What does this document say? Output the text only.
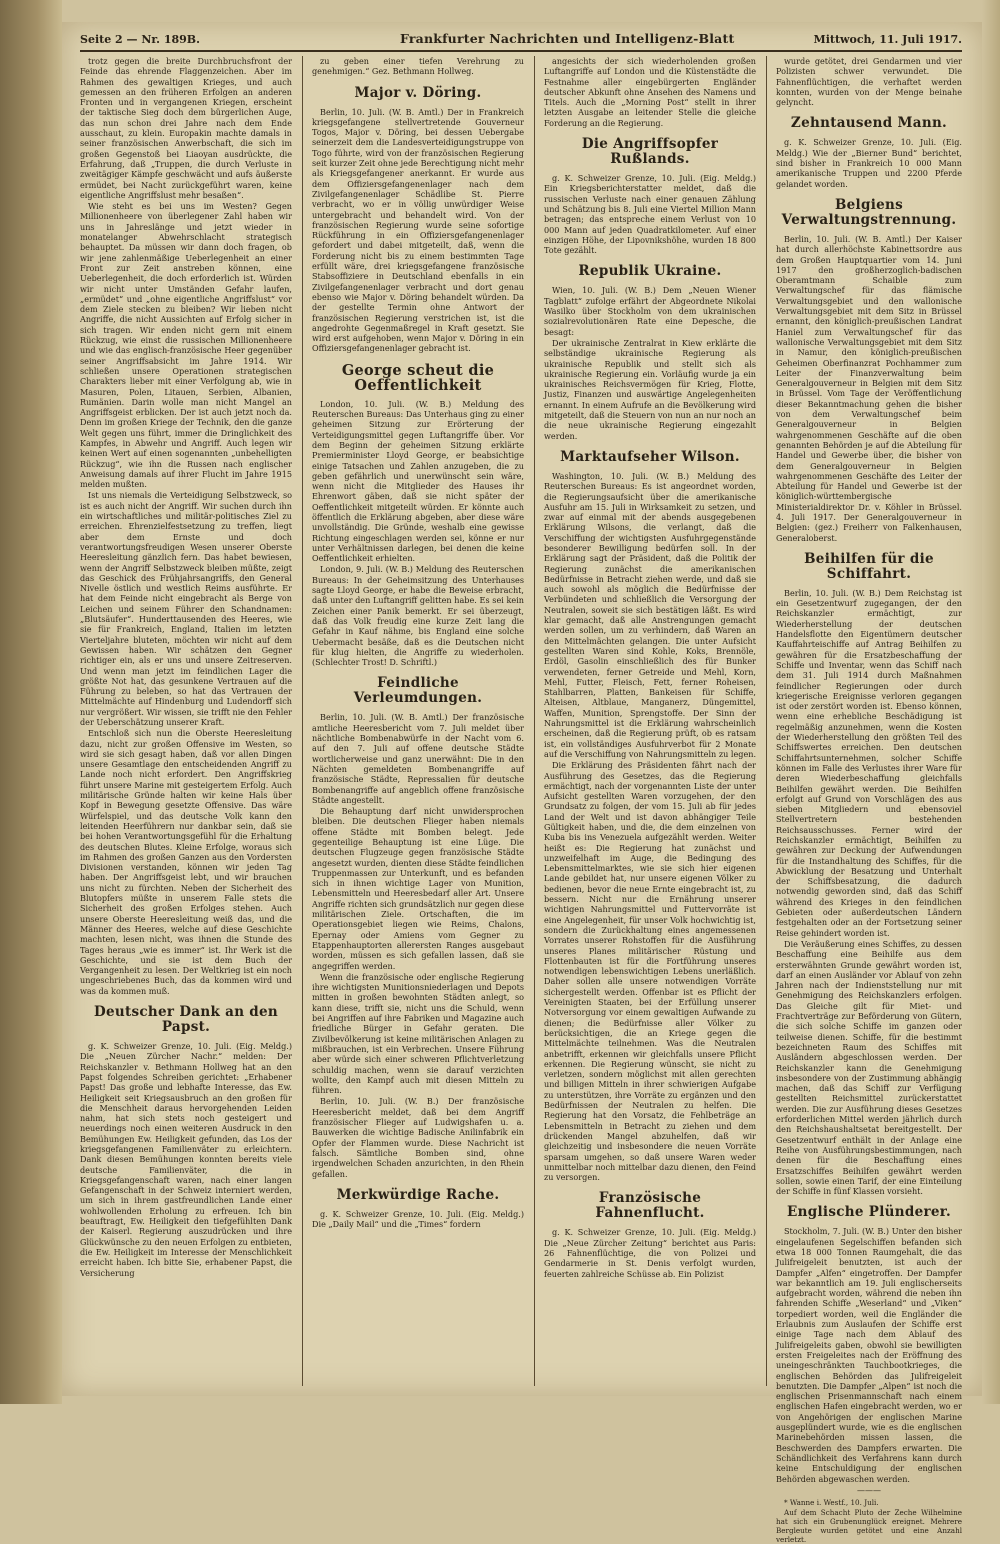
Seite 2 — Nr. 189B.	Frankfurter Nachrichten und Intelligenz-Blatt	Mittwoch, 11. Juli 1917.

trotz gegen die breite Durchbruchsfront der Feinde das ehrende Flaggenzeichen. Aber im Rahmen des gewaltigen Krieges, und auch gemessen an den früheren Erfolgen an anderen Fronten und in vergangenen Kriegen, erscheint der taktische Sieg doch dem bürgerlichen Auge, das nun schon drei Jahre nach dem Ende ausschaut, zu klein. Europakin machte damals in seiner französischen Anwerbschaft, die sich im großen Gegenstoß bei Liaoyan ausdrückte, die Erfahrung, daß „Truppen, die durch Verluste in zweitägiger Kämpfe geschwächt und aufs äußerste ermüdet, bei Nacht zurückgeführt waren, keine eigentliche Angriffslust mehr besaßen“.

Wie steht es bei uns im Westen? Gegen Millionenheere von überlegener Zahl haben wir uns in Jahreslänge und jetzt wieder in monatelanger Abwehrschlacht strategisch behauptet. Da müssen wir dann doch fragen, ob wir jene zahlenmäßige Ueberlegenheit an einer Front zur Zeit anstreben können, eine Ueberlegenheit, die doch erforderlich ist. Würden wir nicht unter Umständen Gefahr laufen, „ermüdet“ und „ohne eigentliche Angriffslust“ vor dem Ziele stecken zu bleiben? Wir lieben nicht Angriffe, die nicht Aussichten auf Erfolg sicher in sich tragen. Wir enden nicht gern mit einem Rückzug, wie einst die russischen Millionenheere und wie das englisch-französische Heer gegenüber seiner Angriffsabsicht im Jahre 1914. Wir schließen unsere Operationen strategischen Charakters lieber mit einer Verfolgung ab, wie in Masuren, Polen, Litauen, Serbien, Albanien, Rumänien. Darin wolle man nicht Mangel an Angriffsgeist erblicken. Der ist auch jetzt noch da. Denn im großen Kriege der Technik, den die ganze Welt gegen uns führt, immer die Dringlichkeit des Kampfes, in Abwehr und Angriff. Auch legen wir keinen Wert auf einen sogenannten „unbehelligten Rückzug“, wie ihn die Russen nach englischer Anweisung damals auf ihrer Flucht im Jahre 1915 melden mußten.

Ist uns niemals die Verteidigung Selbstzweck, so ist es auch nicht der Angriff. Wir suchen durch ihn ein wirtschaftliches und militär-politisches Ziel zu erreichen. Ehrenzielfestsetzung zu treffen, liegt aber dem Ernste und doch verantwortungsfreudigen Wesen unserer Oberste Heeresleitung gänzlich fern. Das habet bewiesen, wenn der Angriff Selbstzweck bleiben müßte, zeigt das Geschick des Frühjahrsangriffs, den General Nivelle östlich und westlich Reims ausführte. Er hat dem Feinde nicht eingebracht als Berge von Leichen und seinem Führer den Schandnamen: „Blutsäufer“. Hunderttausenden des Heeres, wie sie für Frankreich, England, Italien im letzten Vierteljahre bluteten, möchten wir nicht auf dem Gewissen haben. Wir schätzen den Gegner richtiger ein, als er uns und unsere Zeitreserven. Und wenn man jetzt im feindlichen Lager die größte Not hat, das gesunkene Vertrauen auf die Führung zu beleben, so hat das Vertrauen der Mittelmächte auf Hindenburg und Ludendorff sich nur vergrößert. Wir wissen, sie trifft nie den Fehler der Ueberschätzung unserer Kraft.

Entschloß sich nun die Oberste Heeresleitung dazu, nicht zur großen Offensive im Westen, so wird sie sich gesagt haben, daß vor allen Dingen unsere Gesamtlage den entscheidenden Angriff zu Lande noch nicht erfordert. Den Angriffskrieg führt unsere Marine mit gesteigertem Erfolg. Auch militärische Gründe halten wir keine Hals über Kopf in Bewegung gesetzte Offensive. Das wäre Würfelspiel, und das deutsche Volk kann den leitenden Heerführern nur dankbar sein, daß sie bei hohen Verantwortungsgefühl für die Erhaltung des deutschen Blutes. Kleine Erfolge, woraus sich im Rahmen des großen Ganzen aus den Vordersten Divisionen verstanden, können wir jeden Tag haben. Der Angriffsgeist lebt, und wir brauchen uns nicht zu fürchten. Neben der Sicherheit des Blutopfers müßte in unserem Falle stets die Sicherheit des großen Erfolges stehen. Auch unsere Oberste Heeresleitung weiß das, und die Männer des Heeres, welche auf diese Geschichte machten, lesen nicht, was ihnen die Stunde des Tages heraus „wie es immer“ ist. Ihr Werk ist die Geschichte, und sie ist dem Buch der Vergangenheit zu lesen. Der Weltkrieg ist ein noch ungeschriebenes Buch, das da kommen wird und was da kommen muß.

Deutscher Dank an den Papst.

g. K. Schweizer Grenze, 10. Juli. (Eig. Meldg.) Die „Neuen Zürcher Nachr.“ melden: Der Reichskanzler v. Bethmann Hollweg hat an den Papst folgendes Schreiben gerichtet: „Erhabener Papst! Das große und lebhafte Interesse, das Ew. Heiligkeit seit Kriegsausbruch an den großen für die Menschheit daraus hervorgehenden Leiden nahm, hat sich stets noch gesteigert und neuerdings noch einen weiteren Ausdruck in den Bemühungen Ew. Heiligkeit gefunden, das Los der kriegsgefangenen Familienväter zu erleichtern. Dank diesen Bemühungen konnten bereits viele deutsche Familienväter, die in Kriegsgefangenschaft waren, nach einer langen Gefangenschaft in der Schweiz interniert werden, um sich in ihrem gastfreundlichen Lande einer wohlwollenden Erholung zu erfreuen. Ich bin beauftragt, Ew. Heiligkeit den tiefgefühlten Dank der Kaiserl. Regierung auszudrücken und ihre Glückwünsche zu den neuen Erfolgen zu entbieten, die Ew. Heiligkeit im Interesse der Menschlichkeit erreicht haben. Ich bitte Sie, erhabener Papst, die Versicherung

zu geben einer tiefen Verehrung zu genehmigen.“ Gez. Bethmann Hollweg.

Major v. Döring.

Berlin, 10. Juli. (W. B. Amtl.) Der in Frankreich kriegsgefangene stellvertretende Gouverneur Togos, Major v. Döring, bei dessen Uebergabe seinerzeit dem die Landesverteidigungstruppe von Togo führte, wird von der französischen Regierung seit kurzer Zeit ohne jede Berechtigung nicht mehr als Kriegsgefangener anerkannt. Er wurde aus dem Offiziersgefangenenlager nach dem Zivilgefangenenlager Schädlibe St. Pierre verbracht, wo er in völlig unwürdiger Weise untergebracht und behandelt wird. Von der französischen Regierung wurde seine sofortige Rückführung in ein Offiziersgefangenenlager gefordert und dabei mitgeteilt, daß, wenn die Forderung nicht bis zu einem bestimmten Tage erfüllt wäre, drei kriegsgefangene französische Stabsoffiziere in Deutschland ebenfalls in ein Zivilgefangenenlager verbracht und dort genau ebenso wie Major v. Döring behandelt würden. Da der gestellte Termin ohne Antwort der französischen Regierung verstrichen ist, ist die angedrohte Gegenmaßregel in Kraft gesetzt. Sie wird erst aufgehoben, wenn Major v. Döring in ein Offiziersgefangenenlager gebracht ist.

George scheut die Oeffentlichkeit

London, 10. Juli. (W. B.) Meldung des Reuterschen Bureaus: Das Unterhaus ging zu einer geheimen Sitzung zur Erörterung der Verteidigungsmittel gegen Luftangriffe über. Vor dem Beginn der geheimen Sitzung erklärte Premierminister Lloyd George, er beabsichtige einige Tatsachen und Zahlen anzugeben, die zu geben gefährlich und unerwünscht sein wäre, wenn nicht die Mitglieder des Hauses ihr Ehrenwort gäben, daß sie nicht später der Oeffentlichkeit mitgeteilt würden. Er könnte auch öffentlich die Erklärung abgeben, aber diese wäre unvollständig. Die Gründe, weshalb eine gewisse Richtung eingeschlagen werden sei, könne er nur unter Verhältnissen darlegen, bei denen die keine Oeffentlichkeit erhielten.

London, 9. Juli. (W. B.) Meldung des Reuterschen Bureaus: In der Geheimsitzung des Unterhauses sagte Lloyd George, er habe die Beweise erbracht, daß unter den Luftangriff gelitten habe. Es sei kein Zeichen einer Panik bemerkt. Er sei überzeugt, daß das Volk freudig eine kurze Zeit lang die Gefahr in Kauf nähme, bis England eine solche Uebermacht besäße, daß es die Deutschen nicht für klug hielten, die Angriffe zu wiederholen. (Schlechter Trost! D. Schriftl.)

Feindliche Verleumdungen.

Berlin, 10. Juli. (W. B. Amtl.) Der französische amtliche Heeresbericht vom 7. Juli meldet über nächtliche Bombenabwürfe in der Nacht vom 6. auf den 7. Juli auf offene deutsche Städte wortlicherweise und ganz unerwähnt: Die in den Nächten gemeldeten Bombenangriffe auf französische Städte, Repressalien für deutsche Bombenangriffe auf angeblich offene französische Städte angestellt.

Die Behauptung darf nicht unwidersprochen bleiben. Die deutschen Flieger haben niemals offene Städte mit Bomben belegt. Jede gegenteilige Behauptung ist eine Lüge. Die deutschen Flugzeuge gegen französische Städte angesetzt wurden, dienten diese Städte feindlichen Truppenmassen zur Unterkunft, und es befanden sich in ihnen wichtige Lager von Munition, Lebensmitteln und Heeresbedarf aller Art. Unsere Angriffe richten sich grundsätzlich nur gegen diese militärischen Ziele. Ortschaften, die im Operationsgebiet liegen wie Reims, Chalons, Epernay oder Amiens vom Gegner zu Etappenhauptorten allerersten Ranges ausgebaut worden, müssen es sich gefallen lassen, daß sie angegriffen werden.

Wenn die französische oder englische Regierung ihre wichtigsten Munitionsniederlagen und Depots mitten in großen bewohnten Städten anlegt, so kann diese, trifft sie, nicht uns die Schuld, wenn bei Angriffen auf ihre Fabriken und Magazine auch friedliche Bürger in Gefahr geraten. Die Zivilbevölkerung ist keine militärischen Anlagen zu mißbrauchen, ist ein Verbrechen. Unsere Führung aber würde sich einer schweren Pflichtverletzung schuldig machen, wenn sie darauf verzichten wollte, den Kampf auch mit diesen Mitteln zu führen.

Berlin, 10. Juli. (W. B.) Der französische Heeresbericht meldet, daß bei dem Angriff französischer Flieger auf Ludwigshafen u. a. Bauwerken die wichtige Badische Anilinfabrik ein Opfer der Flammen wurde. Diese Nachricht ist falsch. Sämtliche Bomben sind, ohne irgendwelchen Schaden anzurichten, in den Rhein gefallen.

Merkwürdige Rache.

g. K. Schweizer Grenze, 10. Juli. (Eig. Meldg.) Die „Daily Mail“ und die „Times“ fordern

angesichts der sich wiederholenden großen Luftangriffe auf London und die Küstenstädte die Festnahme aller eingebürgerten Engländer deutscher Abkunft ohne Ansehen des Namens und Titels. Auch die „Morning Post“ stellt in ihrer letzten Ausgabe an leitender Stelle die gleiche Forderung an die Regierung.

Die Angriffsopfer Rußlands.

g. K. Schweizer Grenze, 10. Juli. (Eig. Meldg.) Ein Kriegsberichterstatter meldet, daß die russischen Verluste nach einer genauen Zählung und Schätzung bis 8. Juli eine Viertel Million Mann betragen; das entspreche einem Verlust von 10 000 Mann auf jeden Quadratkilometer. Auf einer einzigen Höhe, der Lipovnikshöhe, wurden 18 800 Tote gezählt.

Republik Ukraine.

Wien, 10. Juli. (W. B.) Dem „Neuen Wiener Tagblatt“ zufolge erfährt der Abgeordnete Nikolai Wasilko über Stockholm von dem ukrainischen sozialrevolutionären Rate eine Depesche, die besagt:

Der ukrainische Zentralrat in Kiew erklärte die selbständige ukrainische Regierung als ukrainische Republik und stellt sich als ukrainische Regierung ein. Vorläufig wurde ja ein ukrainisches Reichsvermögen für Krieg, Flotte, Justiz, Finanzen und auswärtige Angelegenheiten ernannt. In einem Aufrufe an die Bevölkerung wird mitgeteilt, daß die Steuern von nun an nur noch an die neue ukrainische Regierung eingezahlt werden.

Marktaufseher Wilson.

Washington, 10. Juli. (W. B.) Meldung des Reuterschen Bureaus: Es ist angeordnet worden, die Regierungsaufsicht über die amerikanische Ausfuhr am 15. Juli in Wirksamkeit zu setzen, und zwar auf einmal mit der abends ausgegebenen Erklärung Wilsons, die verlangt, daß die Verschiffung der wichtigsten Ausfuhrgegenstände besonderer Bewilligung bedürfen soll. In der Erklärung sagt der Präsident, daß die Politik der Regierung zunächst die amerikanischen Bedürfnisse in Betracht ziehen werde, und daß sie auch sowohl als möglich die Bedürfnisse der Verbündeten und schließlich die Versorgung der Neutralen, soweit sie sich bestätigen läßt. Es wird klar gemacht, daß alle Anstrengungen gemacht werden sollen, um zu verhindern, daß Waren an den Mittelmächten gelangen. Die unter Aufsicht gestellten Waren sind Kohle, Koks, Brennöle, Erdöl, Gasolin einschließlich des für Bunker verwendeten, ferner Getreide und Mehl, Korn, Mehl, Futter, Fleisch, Fett, ferner Roheisen, Stahlbarren, Platten, Bankeisen für Schiffe, Alteisen, Altblaue, Manganerz, Düngemittel, Waffen, Munition, Sprengstoffe. Der Sinn der Nahrungsmittel ist die Erklärung wahrscheinlich erscheinen, daß die Regierung prüft, ob es ratsam ist, ein vollständiges Ausfuhrverbot für 2 Monate auf die Verschiffung von Nahrungsmitteln zu legen.

Die Erklärung des Präsidenten fährt nach der Ausführung des Gesetzes, das die Regierung ermächtigt, nach der vorgenannten Liste der unter Aufsicht gestellten Waren vorzugehen, der den Grundsatz zu folgen, der vom 15. Juli ab für jedes Land der Welt und ist davon abhängiger Teile Gültigkeit haben, und die, die dem einzelnen von Kuba bis ins Venezuela aufgezählt werden. Weiter heißt es: Die Regierung hat zunächst und unzweifelhaft im Auge, die Bedingung des Lebensmittelmarktes, wie sie sich hier eigenen Lande gebildet hat, nur unsere eigenen Völker zu bedienen, bevor die neue Ernte eingebracht ist, zu bessern. Nicht nur die Ernährung unserer wichtigen Nahrungsmittel und Futtervorräte ist eine Angelegenheit, für unser Volk hochwichtig ist, sondern die Zurückhaltung eines angemessenen Vorrates unserer Rohstoffen für die Ausführung unseres Planes militärischer Rüstung und Flottenbauten ist für die Fortführung unseres notwendigen lebenswichtigen Lebens unerläßlich. Daher sollen alle unsere notwendigen Vorräte sichergestellt werden. Offenbar ist es Pflicht der Vereinigten Staaten, bei der Erfüllung unserer Notversorgung vor einem gewaltigen Aufwande zu dienen; die Bedürfnisse aller Völker zu berücksichtigen, die an Kriege gegen die Mittelmächte teilnehmen. Was die Neutralen anbetrifft, erkennen wir gleichfalls unsere Pflicht erkennen. Die Regierung wünscht, sie nicht zu verletzen, sondern möglichst mit allen gerechten und billigen Mitteln in ihrer schwierigen Aufgabe zu unterstützen, ihre Vorräte zu ergänzen und den Bedürfnissen der Neutralen zu helfen. Die Regierung hat den Vorsatz, die Fehlbeträge an Lebensmitteln in Betracht zu ziehen und dem drückenden Mangel abzuhelfen, daß wir gleichzeitig und insbesondere die neuen Vorräte sparsam umgehen, so daß unsere Waren weder unmittelbar noch mittelbar dazu dienen, den Feind zu versorgen.

Französische Fahnenflucht.

g. K. Schweizer Grenze, 10. Juli. (Eig. Meldg.) Die „Neue Zürcher Zeitung“ berichtet aus Paris: 26 Fahnenflüchtige, die von Polizei und Gendarmerie in St. Denis verfolgt wurden, feuerten zahlreiche Schüsse ab. Ein Polizist

wurde getötet, drei Gendarmen und vier Polizisten schwer verwundet. Die Fahnenflüchtigen, die verhaftet werden konnten, wurden von der Menge beinahe gelyncht.

Zehntausend Mann.

g. K. Schweizer Grenze, 10. Juli. (Eig. Meldg.) Wie der „Bierner Bund“ berichtet, sind bisher in Frankreich 10 000 Mann amerikanische Truppen und 2200 Pferde gelandet worden.

Belgiens Verwaltungstrennung.

Berlin, 10. Juli. (W. B. Amtl.) Der Kaiser hat durch allerhöchste Kabinettsordre aus dem Großen Hauptquartier vom 14. Juni 1917 den großherzoglich-badischen Oberamtmann Schaible zum Verwaltungschef für das flämische Verwaltungsgebiet und den wallonische Verwaltungsgebiet mit dem Sitz in Brüssel ernannt, den königlich-preußischen Landrat Haniel zum Verwaltungschef für das wallonische Verwaltungsgebiet mit dem Sitz in Namur, den königlich-preußischen Geheimen Oberfinanzrat Pochhammer zum Leiter der Finanzverwaltung beim Generalgouverneur in Belgien mit dem Sitz in Brüssel. Vom Tage der Veröffentlichung dieser Bekanntmachung gehen die bisher von dem Verwaltungschef beim Generalgouverneur in Belgien wahrgenommenen Geschäfte auf die oben genannten Behörden je auf die Abteilung für Handel und Gewerbe über, die bisher von dem Generalgouverneur in Belgien wahrgenommenen Geschäfte des Leiter der Abteilung für Handel und Gewerbe ist der königlich-württembergische Ministerialdirektor Dr. v. Köhler in Brüssel. 4. Juli 1917. Der Generalgouverneur in Belgien: (gez.) Freiherr von Falkenhausen, Generaloberst.

Beihilfen für die Schiffahrt.

Berlin, 10. Juli. (W. B.) Dem Reichstag ist ein Gesetzentwurf zugegangen, der den Reichskanzler ermächtigt, zur Wiederherstellung der deutschen Handelsflotte den Eigentümern deutscher Kauffahrteischiffe auf Antrag Beihilfen zu gewähren für die Ersatzbeschaffung der Schiffe und Inventar, wenn das Schiff nach dem 31. Juli 1914 durch Maßnahmen feindlicher Regierungen oder durch kriegerische Ereignisse verloren gegangen ist oder zerstört worden ist. Ebenso können, wenn eine erhebliche Beschädigung ist regelmäßig anzunehmen, wenn die Kosten der Wiederherstellung den größten Teil des Schiffswertes erreichen. Den deutschen Schiffahrtsunternehmen, solcher Schiffe können im Falle des Verlustes ihrer Ware für deren Wiederbeschaffung gleichfalls Beihilfen gewährt werden. Die Beihilfen erfolgt auf Grund von Vorschlägen des aus sieben Mitgliedern und ebensoviel Stellvertretern bestehenden Reichsausschusses. Ferner wird der Reichskanzler ermächtigt, Beihilfen zu gewähren zur Deckung der Aufwendungen für die Instandhaltung des Schiffes, für die Abwicklung der Besatzung und Unterhalt der Schiffsbesatzung, die dadurch notwendig geworden sind, daß das Schiff während des Krieges in den feindlichen Gebieten oder außerdeutschen Ländern festgehalten oder an der Fortsetzung seiner Reise gehindert worden ist.

Die Veräußerung eines Schiffes, zu dessen Beschaffung eine Beihilfe aus dem ersterwähnten Grunde gewährt worden ist, darf an einen Ausländer vor Ablauf von zehn Jahren nach der Indienststellung nur mit Genehmigung des Reichskanzlers erfolgen. Das Gleiche gilt für Miet- und Frachtverträge zur Beförderung von Gütern, die sich solche Schiffe im ganzen oder teilweise dienen. Schiffe, für die bestimmt bezeichneten Raum des Schiffes mit Ausländern abgeschlossen werden. Der Reichskanzler kann die Genehmigung insbesondere von der Zustimmung abhängig machen, daß das Schiff zur Verfügung gestellten Reichsmittel zurückerstattet werden. Die zur Ausführung dieses Gesetzes erforderlichen Mittel werden jährlich durch den Reichshaushaltsetat bereitgestellt. Der Gesetzentwurf enthält in der Anlage eine Reihe von Ausführungsbestimmungen, nach denen für die Beschaffung eines Ersatzschiffes Beihilfen gewährt werden sollen, sowie einen Tarif, der eine Einteilung der Schiffe in fünf Klassen vorsieht.

Englische Plünderer.

Stockholm, 7. Juli. (W. B.) Unter den bisher eingelaufenen Segelschiffen befanden sich etwa 18 000 Tonnen Raumgehalt, die das Julifreigeleit benutzten, ist auch der Dampfer „Alfen“ eingetroffen. Der Dampfer war bekanntlich am 19. Juli englischerseits aufgebracht worden, während die neben ihn fahrenden Schiffe „Weserland“ und „Viken“ torpediert worden, weil die Engländer die Erlaubnis zum Auslaufen der Schiffe erst einige Tage nach dem Ablauf des Julifreigeleits gaben, obwohl sie bewilligten ersten Freigeleites nach der Eröffnung des uneingeschränkten Tauchbootkrieges, die englischen Behörden das Julifreigeleit benutzten. Die Dampfer „Alpen“ ist noch die englischen Prisenmannschaft nach einem englischen Hafen eingebracht werden, wo er von Angehörigen der englischen Marine ausgeplündert wurde, wie es die englischen Marinebehörden missen lassen, die Beschwerden des Dampfers erwarten. Die Schändlichkeit des Verfahrens kann durch keine Entschuldigung der englischen Behörden abgewaschen werden.

———

* Wanne i. Westf., 10. Juli.

Auf dem Schacht Pluto der Zeche Wilhelmine hat sich ein Grubenunglück ereignet. Mehrere Bergleute wurden getötet und eine Anzahl verletzt.
